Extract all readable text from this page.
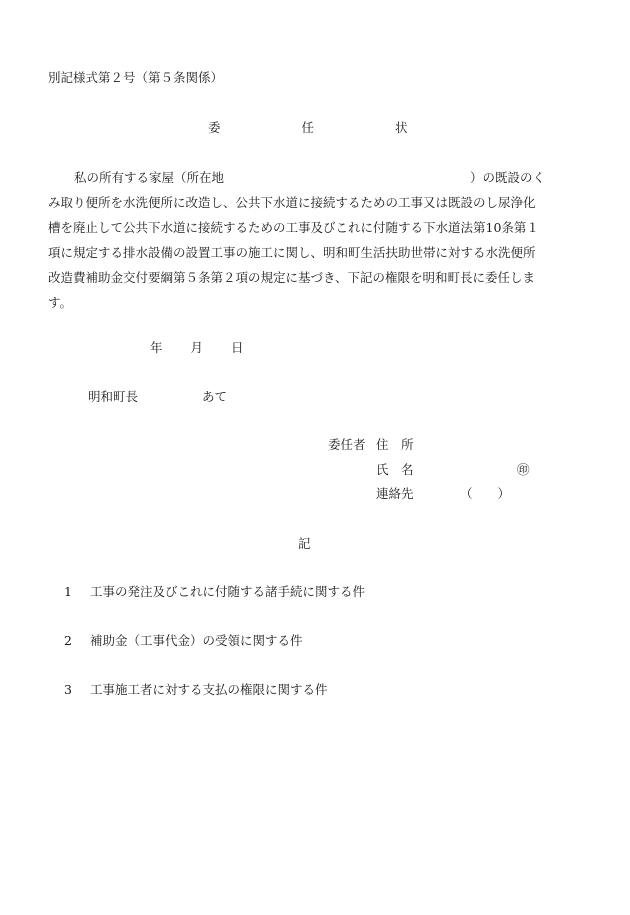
別記様式第２号（第５条関係）
委	任	状
私の所有する家屋（所在地	）の既設のく
み取り便所を水洗便所に改造し、公共下水道に接続するための工事又は既設のし尿浄化
槽を廃止して公共下水道に接続するための工事及びこれに付随する下水道法第10条第１
項に規定する排水設備の設置工事の施工に関し、明和町生活扶助世帯に対する水洗便所
改造費補助金交付要綱第５条第２項の規定に基づき、下記の権限を明和町長に委任しま
す。
年 月 日
明和町長	あて
委任者 住　所
氏　名	㊞
連絡先	（　　）
記
1 工事の発注及びこれに付随する諸手続に関する件
2 補助金（工事代金）の受領に関する件
3 工事施工者に対する支払の権限に関する件
